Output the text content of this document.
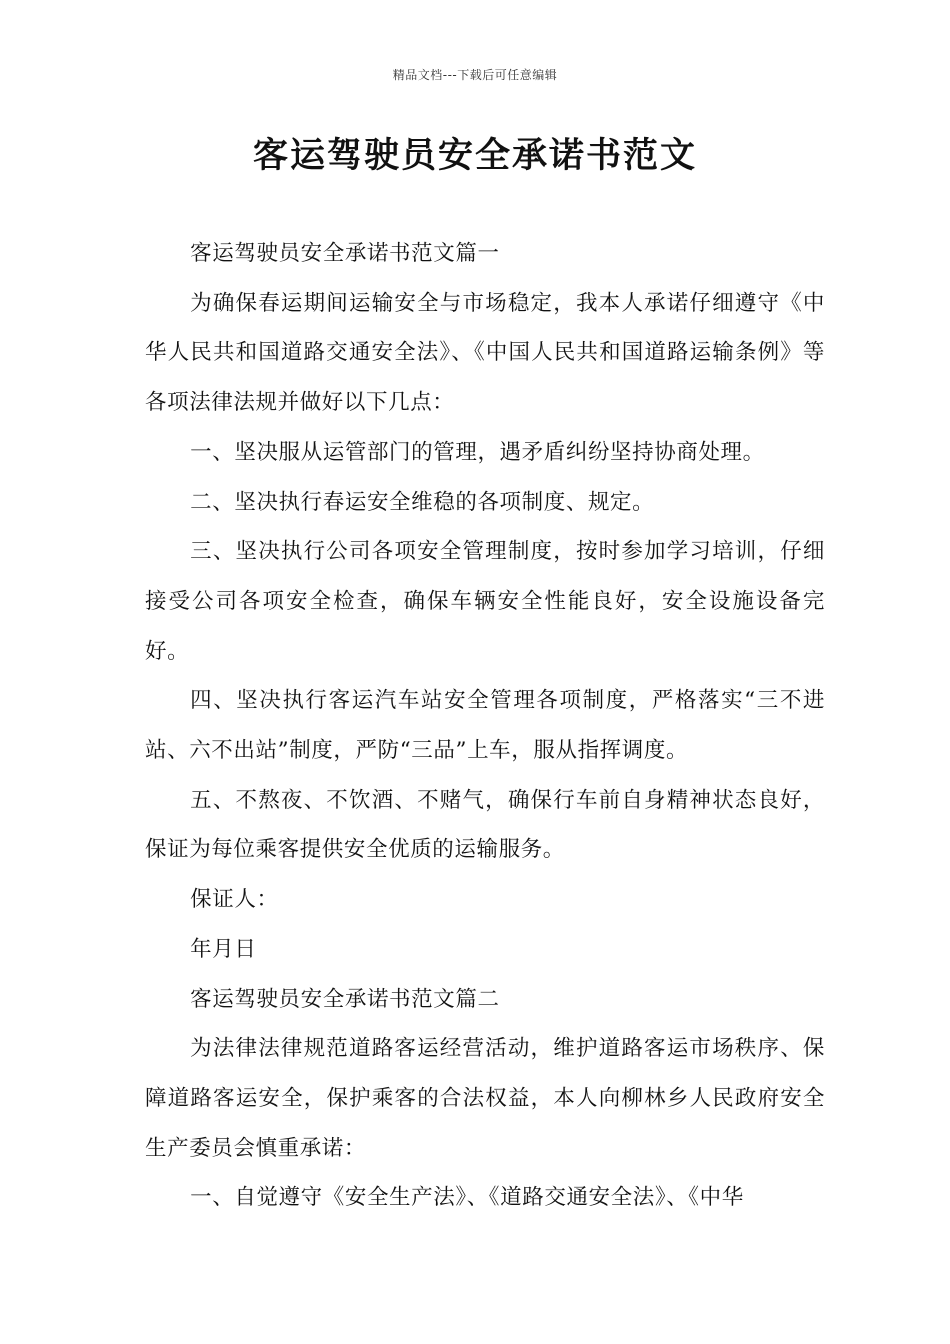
精品文档---下载后可任意编辑
客运驾驶员安全承诺书范文

客运驾驶员安全承诺书范文篇一

为确保春运期间运输安全与市场稳定，我本人承诺仔细遵守《中华人民共和国道路交通安全法》、《中国人民共和国道路运输条例》等各项法律法规并做好以下几点：

一、坚决服从运管部门的管理，遇矛盾纠纷坚持协商处理。

二、坚决执行春运安全维稳的各项制度、规定。

三、坚决执行公司各项安全管理制度，按时参加学习培训，仔细接受公司各项安全检查，确保车辆安全性能良好，安全设施设备完好。

四、坚决执行客运汽车站安全管理各项制度，严格落实“三不进站、六不出站”制度，严防“三品”上车，服从指挥调度。

五、不熬夜、不饮酒、不赌气，确保行车前自身精神状态良好，保证为每位乘客提供安全优质的运输服务。

保证人：

年月日

客运驾驶员安全承诺书范文篇二

为法律法律规范道路客运经营活动，维护道路客运市场秩序、保障道路客运安全，保护乘客的合法权益，本人向柳林乡人民政府安全生产委员会慎重承诺：

一、自觉遵守《安全生产法》、《道路交通安全法》、《中华
